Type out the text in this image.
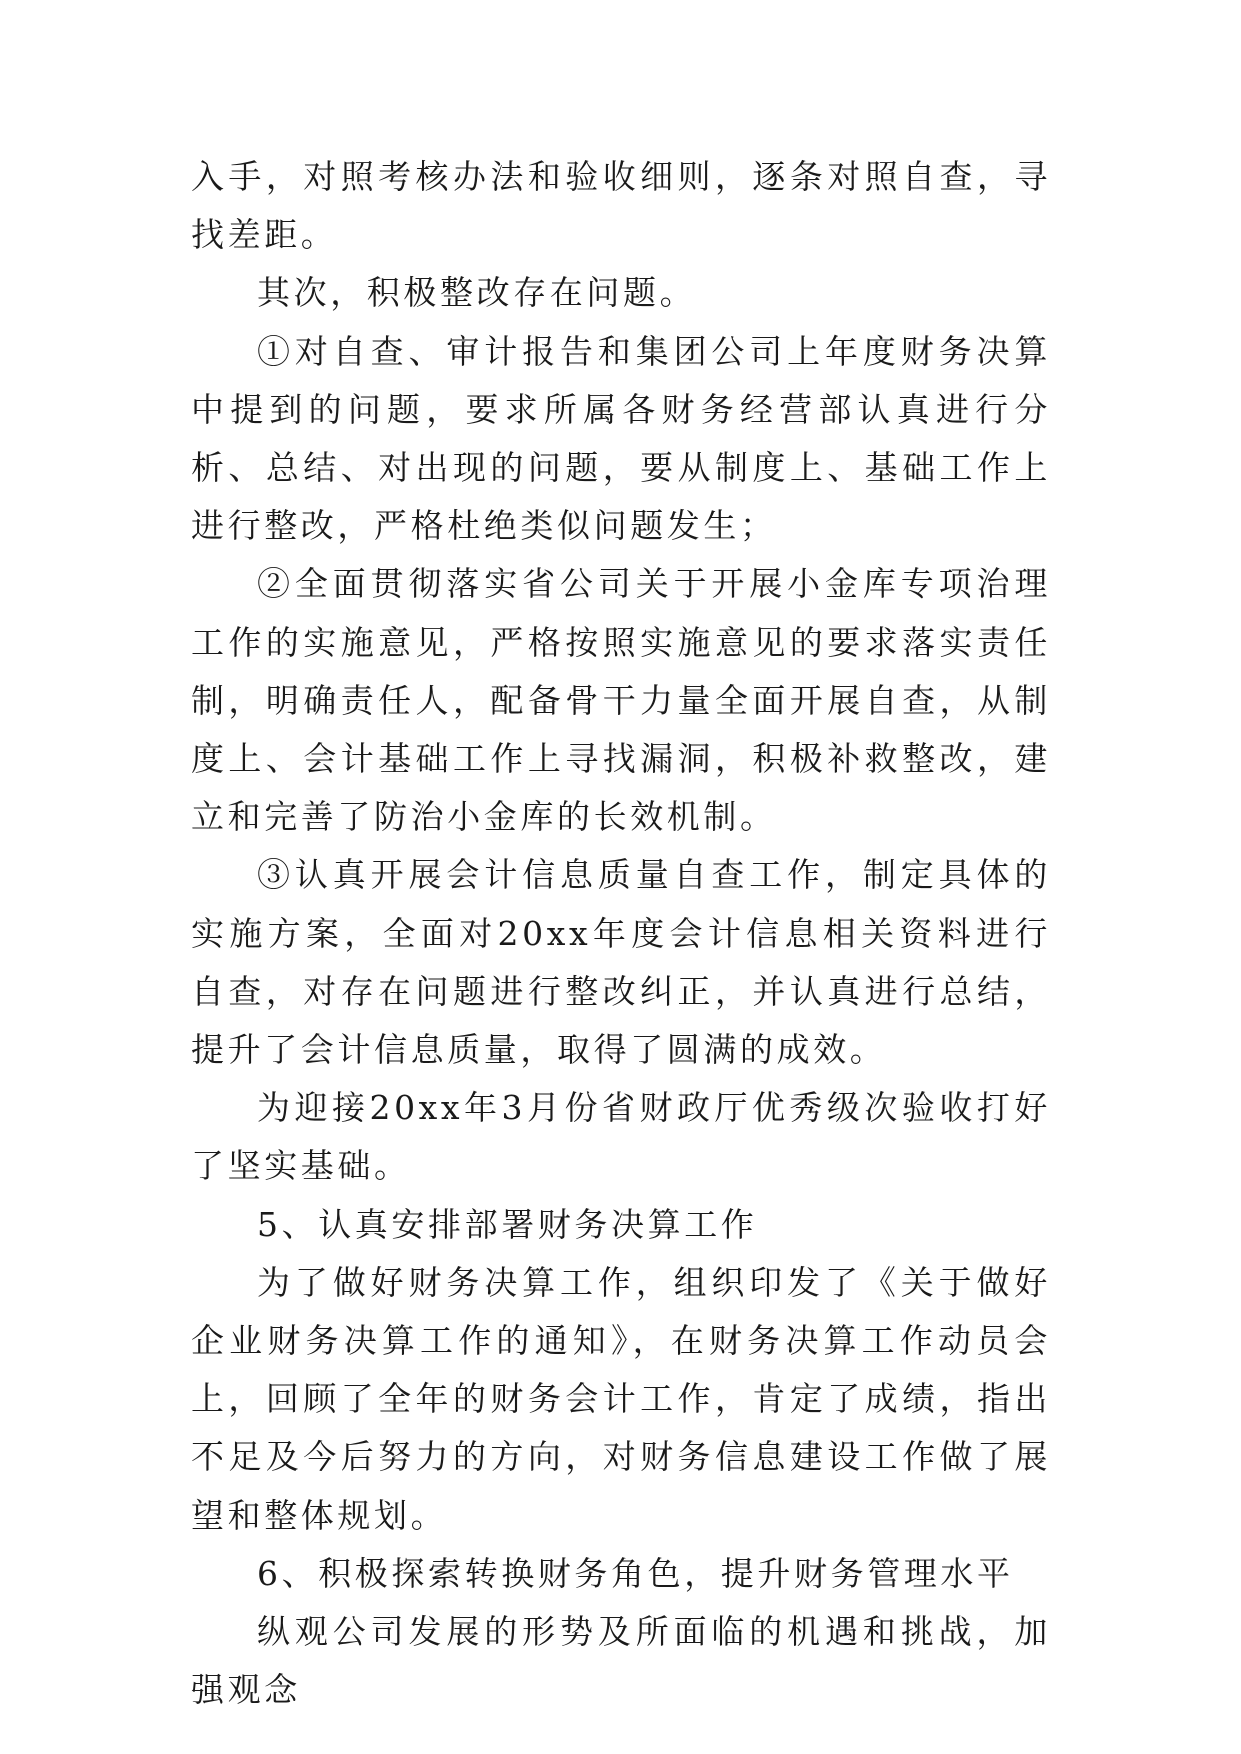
入手，对照考核办法和验收细则，逐条对照自查，寻找差距。

其次，积极整改存在问题。

①对自查、审计报告和集团公司上年度财务决算中提到的问题，要求所属各财务经营部认真进行分析、总结、对出现的问题，要从制度上、基础工作上进行整改，严格杜绝类似问题发生；

②全面贯彻落实省公司关于开展小金库专项治理工作的实施意见，严格按照实施意见的要求落实责任制，明确责任人，配备骨干力量全面开展自查，从制度上、会计基础工作上寻找漏洞，积极补救整改，建立和完善了防治小金库的长效机制。

③认真开展会计信息质量自查工作，制定具体的实施方案，全面对20xx年度会计信息相关资料进行自查，对存在问题进行整改纠正，并认真进行总结，提升了会计信息质量，取得了圆满的成效。

为迎接20xx年3月份省财政厅优秀级次验收打好了坚实基础。

5、认真安排部署财务决算工作

为了做好财务决算工作，组织印发了《关于做好企业财务决算工作的通知》，在财务决算工作动员会上，回顾了全年的财务会计工作，肯定了成绩，指出不足及今后努力的方向，对财务信息建设工作做了展望和整体规划。

6、积极探索转换财务角色，提升财务管理水平

纵观公司发展的形势及所面临的机遇和挑战，加强观念
